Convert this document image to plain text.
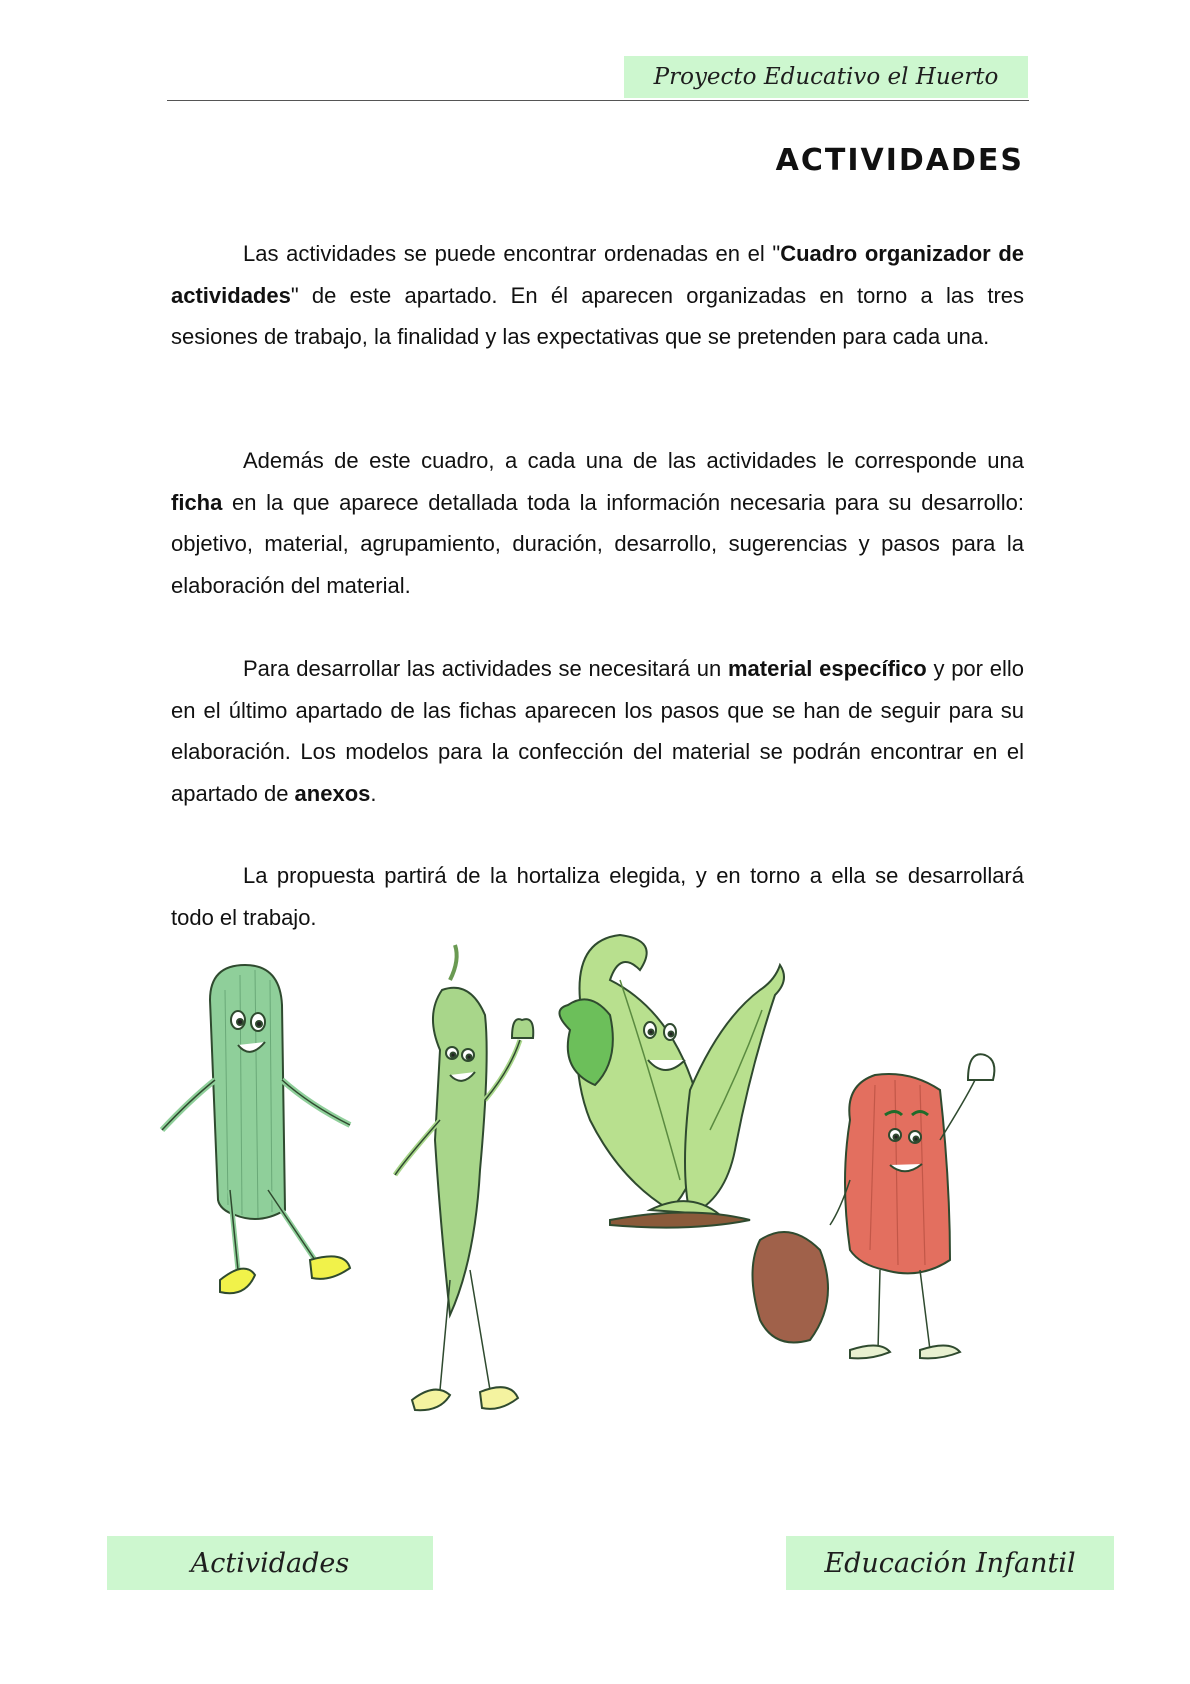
Proyecto Educativo el Huerto
ACTIVIDADES

Las actividades se puede encontrar ordenadas en el "Cuadro organizador de actividades" de este apartado. En él aparecen organizadas en torno a las tres sesiones de trabajo, la finalidad y las expectativas que se pretenden para cada una.

Además de este cuadro, a cada una de las actividades le corresponde una ficha en la que aparece detallada toda la información necesaria para su desarrollo: objetivo, material, agrupamiento, duración, desarrollo, sugerencias y pasos para la elaboración del material.

Para desarrollar las actividades se necesitará un material específico y por ello en el último apartado de las fichas aparecen los pasos que se han de seguir para su elaboración. Los modelos para la confección del material se podrán encontrar en el apartado de anexos.

La propuesta partirá de la hortaliza elegida, y en torno a ella se desarrollará todo el trabajo.

Actividades	Educación Infantil
